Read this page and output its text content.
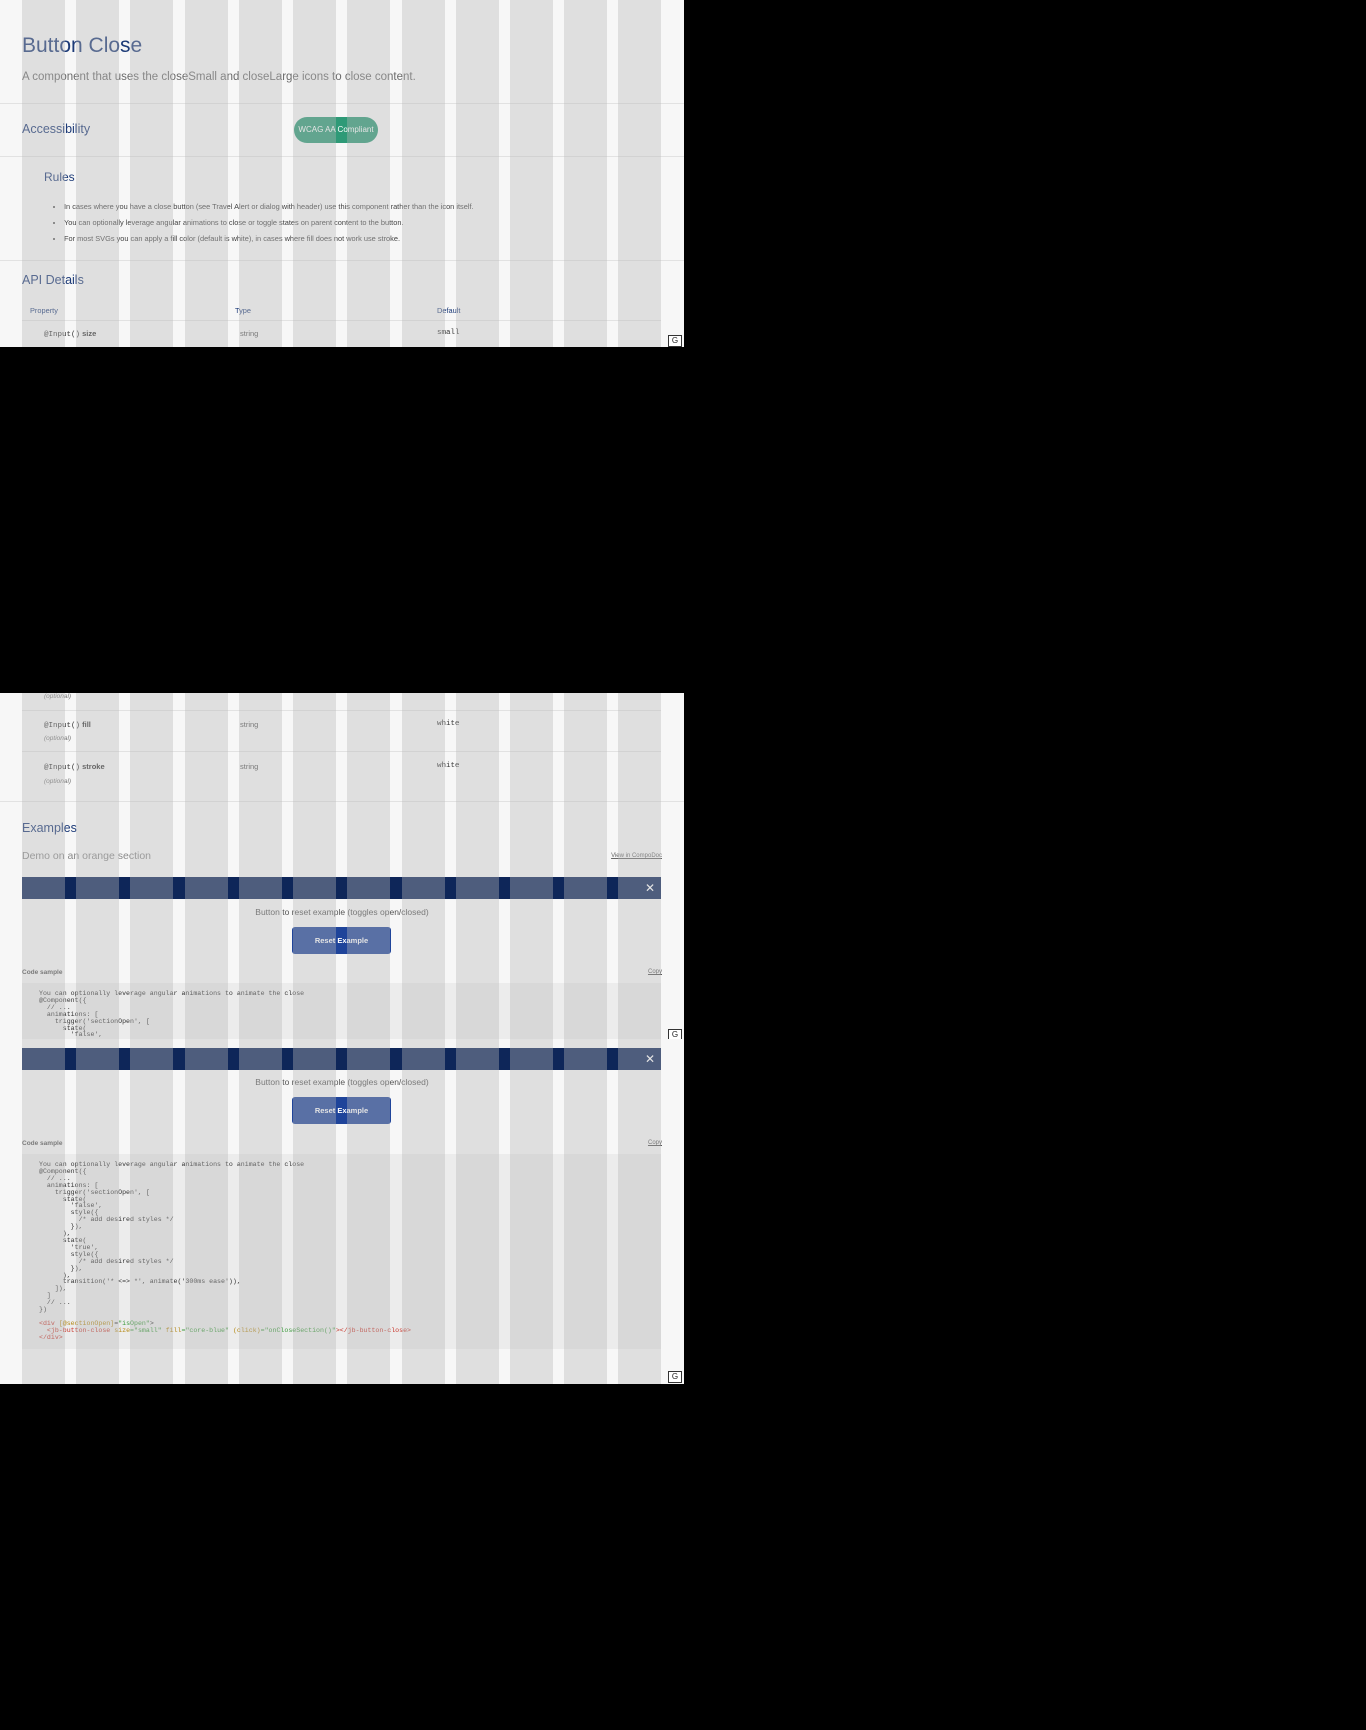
Button Close

A component that uses the closeSmall and closeLarge icons to close content.

Accessibility	WCAG AA Compliant
Rules
• In cases where you have a close button (see Travel Alert or dialog with header) use this component rather than the icon itself.
• You can optionally leverage angular animations to close or toggle states on parent content to the button.
• For most SVGs you can apply a fill color (default is white), in cases where fill does not work use stroke.
API Details
Property	Type	Default
@Input() size	string	small
G
(optional)
@Input() fill	string	white
(optional)
@Input() stroke	string	white
(optional)
Examples

Demo on an orange section	View in CompoDoc
✕
Button to reset example (toggles open/closed)
Reset Example
Code sample	Copy
You can optionally leverage angular animations to animate the close
@Component({
// ...
animations: [
trigger('sectionOpen', [
state(
'false',	G
✕
Button to reset example (toggles open/closed)
Reset Example
Code sample	Copy
You can optionally leverage angular animations to animate the close
@Component({
// ...
animations: [
trigger('sectionOpen', [
state(
'false',
style({
/* add desired styles */
}),
),
state(
'true',
style({
/* add desired styles */
}),
),
transition('* <=> *', animate('300ms ease')),
]),
]
// ...
})

<div [@sectionOpen]="isOpen">
<jb-button-close size="small" fill="core-blue" (click)="onCloseSection()"></jb-button-close>
</div>
G
